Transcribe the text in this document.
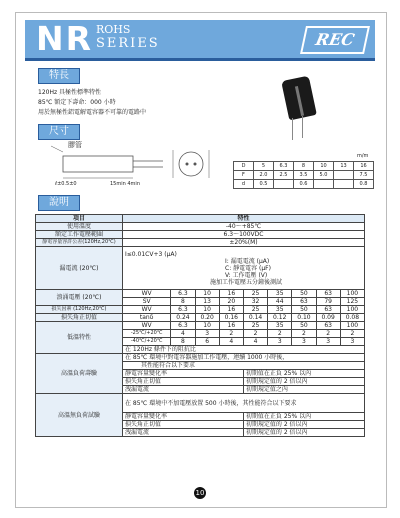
NR ROHS
SERIES	REC
特長
120Hz 具極性標準特性
85℃ 額定下壽命：000 小時
用於無極性鋁電解電容器不可靠的電路中
尺寸
膠管
ℓ±0.5±0	15min 4min
m/m
D	5	6.3	8	10	13	16
F	2.0	2.5	3.5	5.0		7.5
d	0.5		0.6			0.8
說明
項目	特性								
使用溫度	-40～+85℃								
額定工作電壓範圍	6.3～100VDC								
靜電容量容許公差(120Hz,20℃)	±20%(M)								
漏電流 (20℃)	I≤0.01CV+3 (μA)
I: 漏電電流 (μA)
C: 靜電電容 (μF)
V: 工作電壓 (V)
施加工作電壓五分鐘後測試								

浪涌電壓 (20℃)	WV	6.3	10	16	25	35	50	63	100
	SV	8	13	20	32	44	63	79	125
損失因素 (120Hz,20℃)	WV	6.3	10	16	25	35	50	63	100
損失角正切值	tanδ	0.24	0.20	0.16	0.14	0.12	0.10	0.09	0.08
低溫特性	WV	6.3	10	16	25	35	50	63	100
	-25℃/+20℃	4	3	2	2	2	2	2	2
	-40℃/+20℃	8	6	4	4	3	3	3	3
	在 120Hz 條件下的阻抗比								
高溫負荷壽驗	在 85℃ 環境中對電容器施加工作電壓，連續 1000 小時後，								
	其性能符合以下要求								
	靜電容量變化率				初期值在正負 25% 以內				
	損失角正切值				初期規定值的 2 倍以內				
	洩漏電流				初期規定值之內				
高溫無負荷試驗	在 85℃ 環境中不加電壓放置 500 小時後，其性能符合以下要求								
	靜電容量變化率				初期值在正負 25% 以內				
	損失角正切值				初期規定值的 2 倍以內				
	洩漏電流				初期規定值的 2 倍以內				
10
